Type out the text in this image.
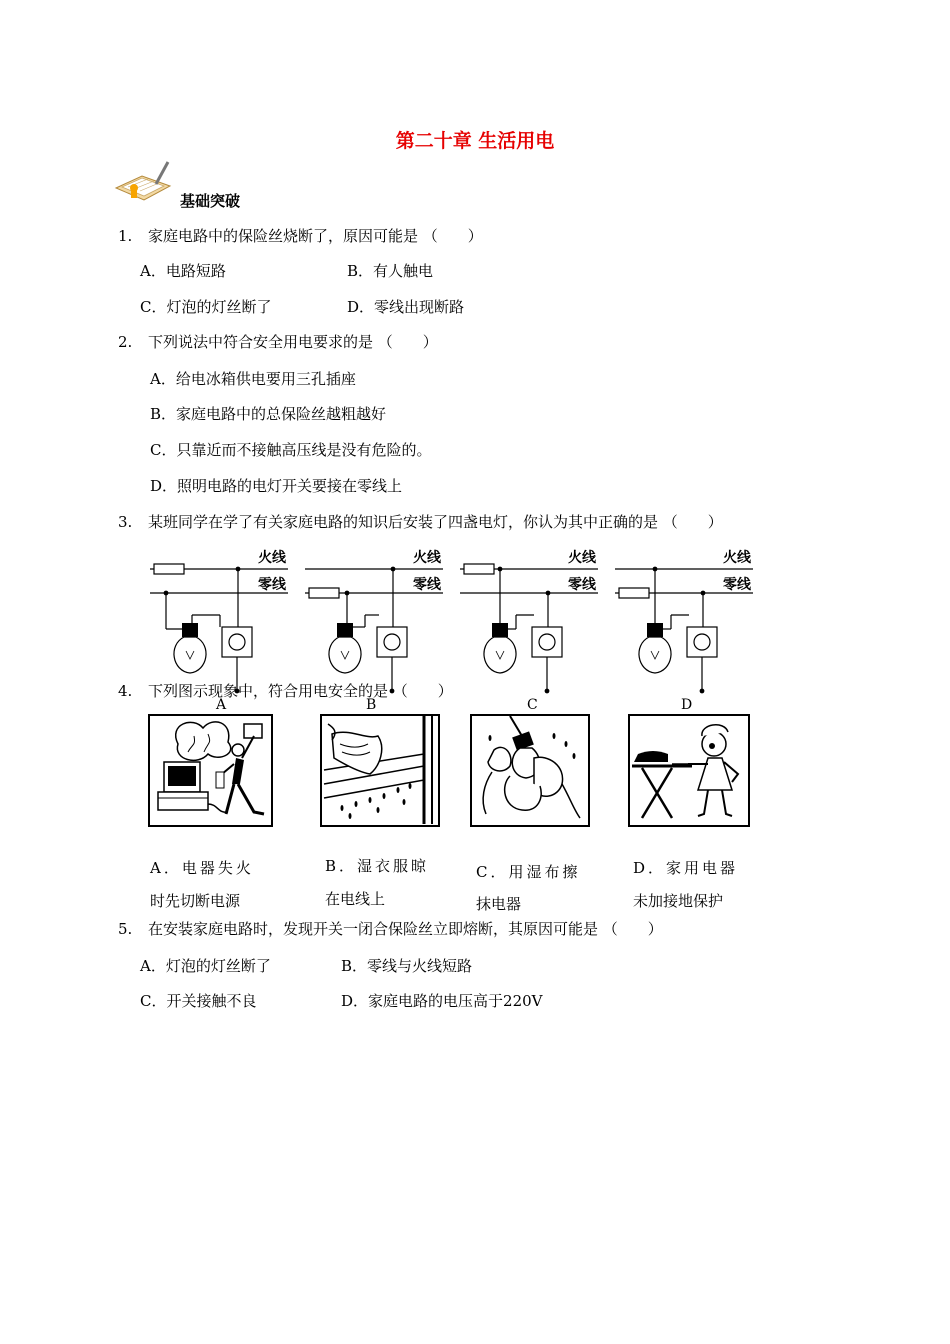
第二十章 生活用电
基础突破
1. 家庭电路中的保险丝烧断了，原因可能是 （　　）
A．电路短路	B．有人触电
C．灯泡的灯丝断了	D．零线出现断路
2. 下列说法中符合安全用电要求的是 （　　）
A．给电冰箱供电要用三孔插座
B．家庭电路中的总保险丝越粗越好
C．只靠近而不接触高压线是没有危险的。
D．照明电路的电灯开关要接在零线上
3. 某班同学在学了有关家庭电路的知识后安装了四盏电灯，你认为其中正确的是 （　　）
火线
零线
火线
零线
火线
零线
火线
零线
4. 下列图示现象中，符合用电安全的是 （　　）
A	B	C	D
A．电器失火
时先切断电源
B．湿衣服晾
在电线上
C．用湿布擦
抹电器
D．家用电器
未加接地保护
5. 在安装家庭电路时，发现开关一闭合保险丝立即熔断，其原因可能是 （　　）
A．灯泡的灯丝断了	B．零线与火线短路
C．开关接触不良	D．家庭电路的电压高于220V
